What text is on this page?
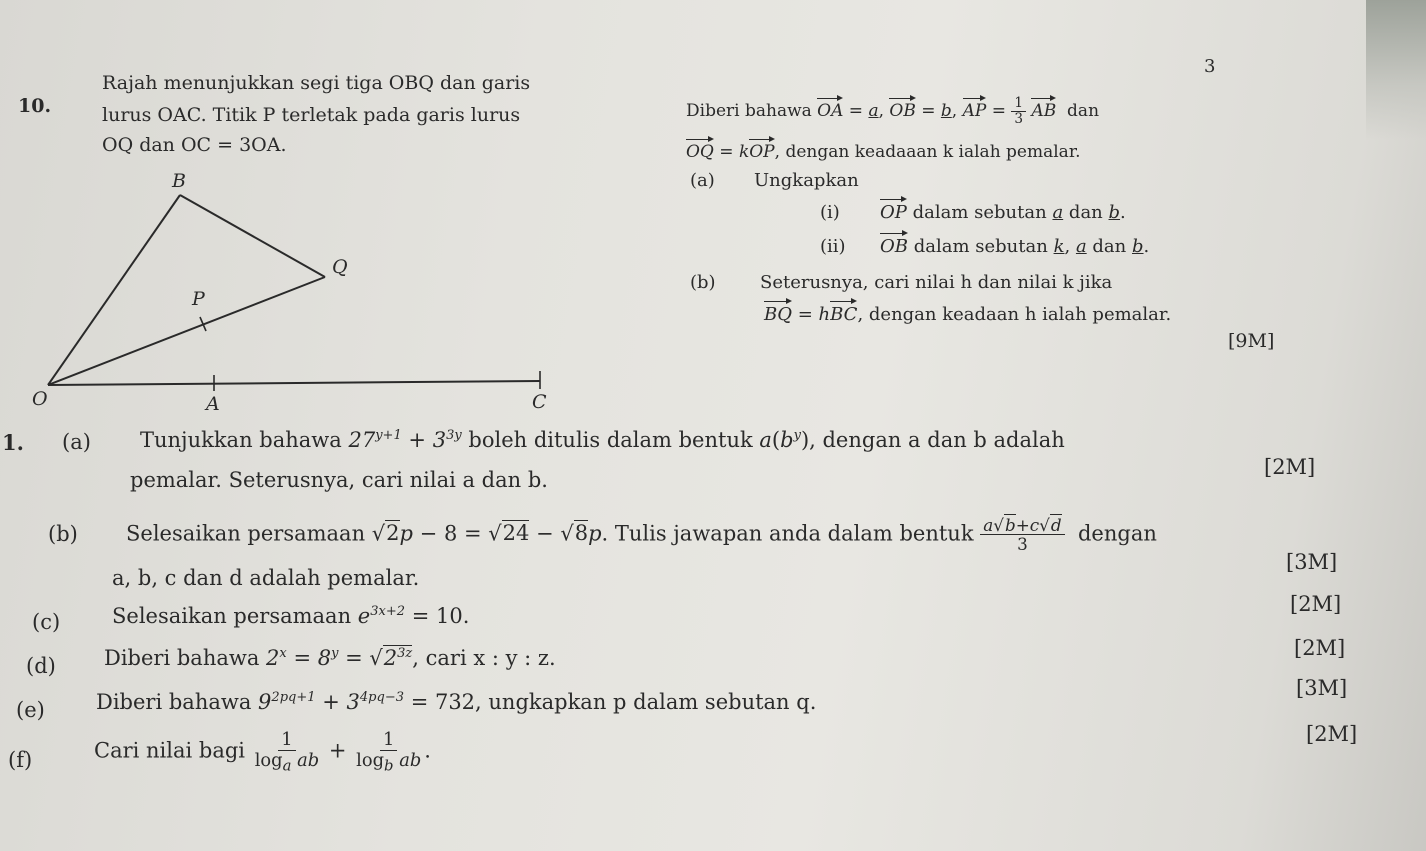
3
10.
Rajah menunjukkan segi tiga OBQ dan garis
lurus OAC. Titik P terletak pada garis lurus
OQ dan OC = 3OA.
B
Q
P
O	A	C
Diberi bahawa OA = a, OB = b, AP = $\frac{1}{3}$ AB dan
OQ = kOP, dengan keadaaan k ialah pemalar.
(a) Ungkapkan
(i) OP dalam sebutan a dan b.
(ii) OB dalam sebutan k, a dan b.
(b) Seterusnya, cari nilai h dan nilai k jika
BQ = hBC, dengan keadaan h ialah pemalar.
[9M]
1. (a) Tunjukkan bahawa $27^{y+1} + 3^{3y}$ boleh ditulis dalam bentuk $a(b^y)$, dengan a dan b adalah
pemalar. Seterusnya, cari nilai a dan b.
[2M]
(b) Selesaikan persamaan √2p − 8 = √24 − √8p. Tulis jawapan anda dalam bentuk $\frac{a√b+c√d}{3}$ dengan
a, b, c dan d adalah pemalar.
[3M]
(c) Selesaikan persamaan $e^{3x+2} = 10$.	[2M]
(d) Diberi bahawa $2^x = 8^y = √2^{3z}$, cari x : y : z.	[2M]
(e) Diberi bahawa $9^{2pq+1} + 3^{4pq-3} = 732$, ungkapkan p dalam sebutan q.
[3M]
(f)	Cari nilai bagi $\frac{1}{\log_a ab} + \frac{1}{\log_b ab}$ .
[2M]
